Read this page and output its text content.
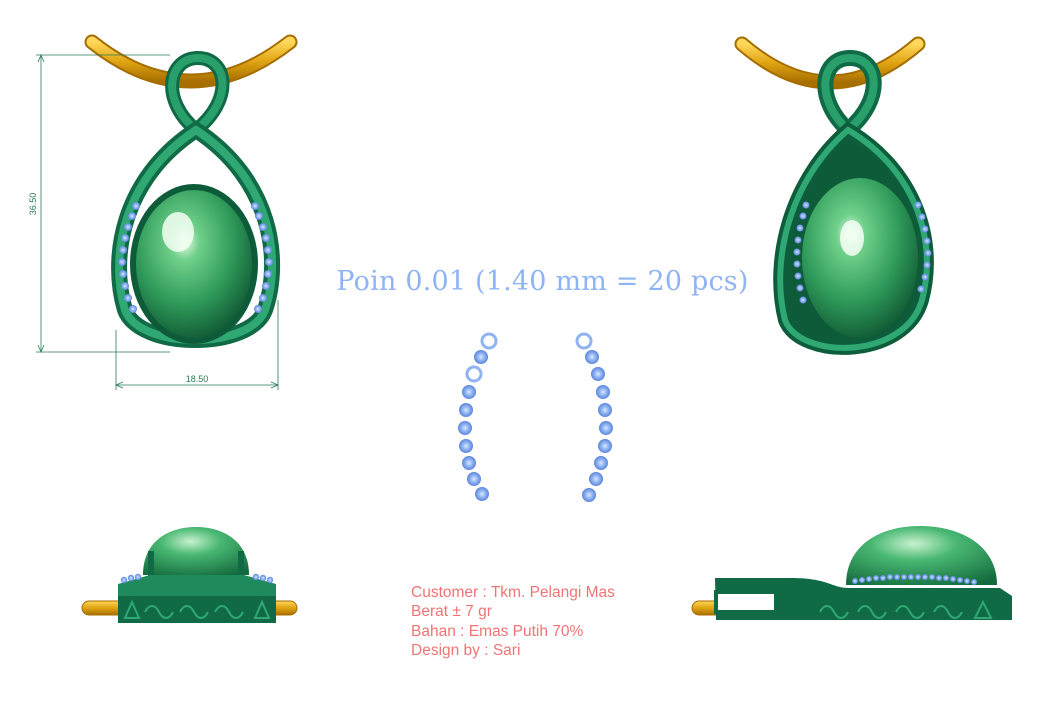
36.50
18.50
Poin 0.01 (1.40 mm = 20 pcs)
Customer : Tkm. Pelangi Mas
Berat ± 7 gr
Bahan : Emas Putih 70%
Design by : Sari
